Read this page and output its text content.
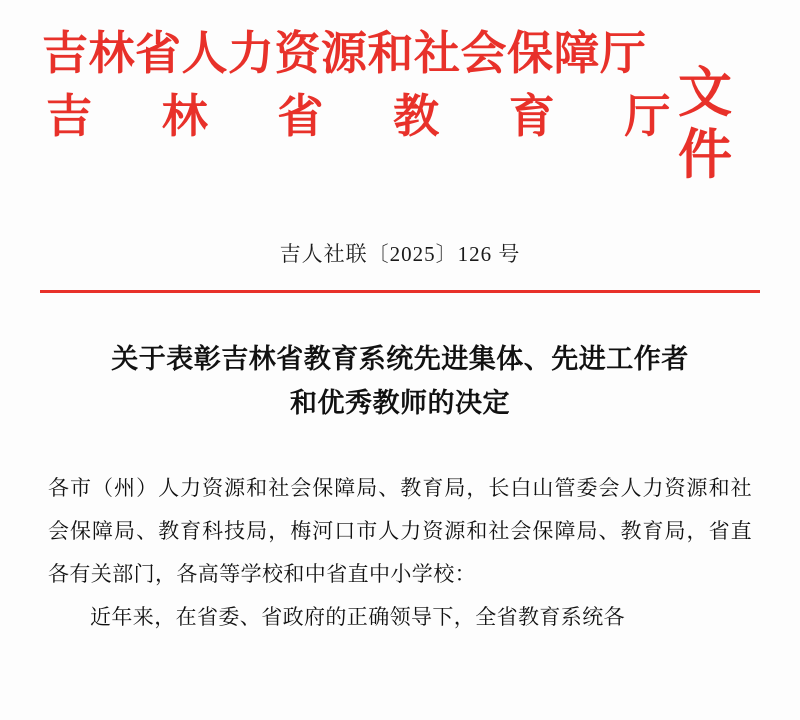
吉林省人力资源和社会保障厅
吉 林 省 教 育 厅 文
件
吉人社联〔2025〕126 号
关于表彰吉林省教育系统先进集体、先进工作者
和优秀教师的决定

各市（州）人力资源和社会保障局、教育局，长白山管委会人力资源和社会保障局、教育科技局，梅河口市人力资源和社会保障局、教育局，省直各有关部门，各高等学校和中省直中小学校：

近年来，在省委、省政府的正确领导下，全省教育系统各
